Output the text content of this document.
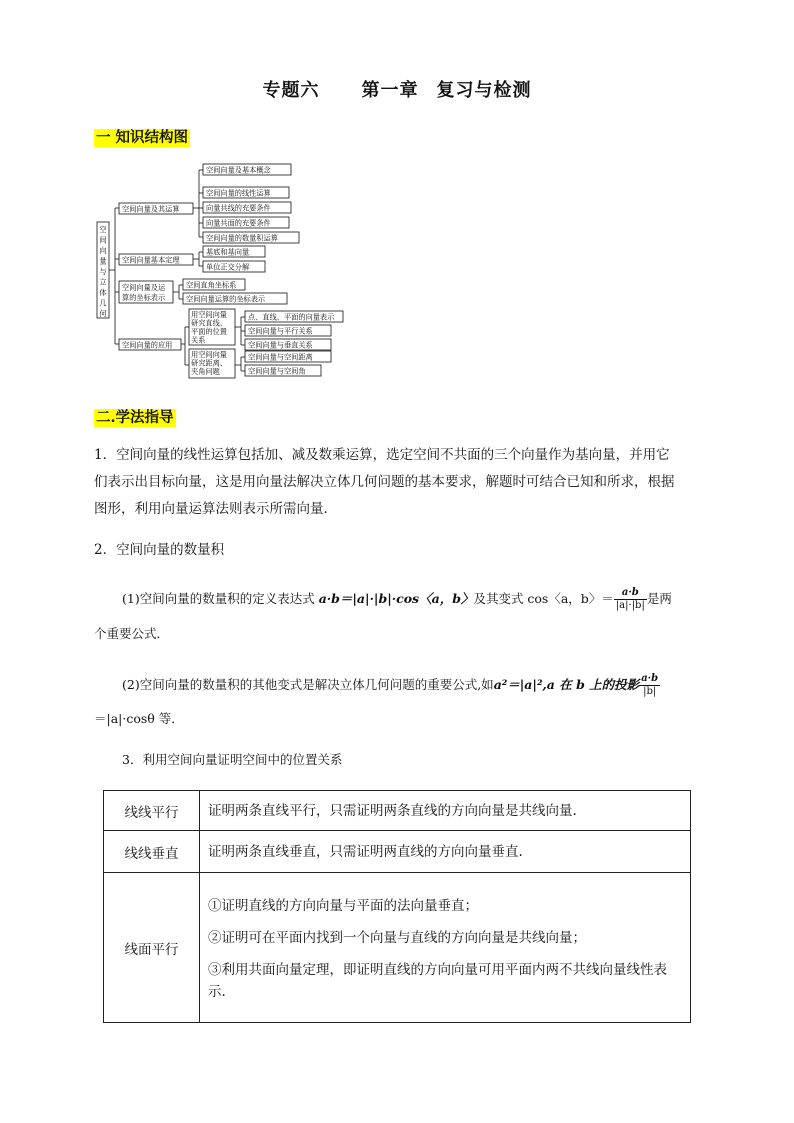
专题六 第一章 复习与检测
一 知识结构图
空
间
向
量
与
立
体
几
何
空间向量及其运算
空间向量及基本概念
空间向量的线性运算
向量共线的充要条件
向量共面的充要条件
空间向量的数量积运算
空间向量基本定理
基底和基向量
单位正交分解
空间向量及运
算的坐标表示
空间直角坐标系
空间向量运算的坐标表示
空间向量的应用
用空间向量
研究直线、
平面的位置
关系
点、直线、平面的向量表示
空间向量与平行关系
空间向量与垂直关系
用空间向量
研究距离、
夹角问题
空间向量与空间距离
空间向量与空间角
二.学法指导
1．空间向量的线性运算包括加、减及数乘运算，选定空间不共面的三个向量作为基向量，并用它
们表示出目标向量，这是用向量法解决立体几何问题的基本要求，解题时可结合已知和所求，根据
图形，利用向量运算法则表示所需向量．
2．空间向量的数量积
(1)空间向量的数量积的定义表达式 a·b＝|a|·|b|·cos〈a，b〉及其变式 cos〈a，b〉＝ $\frac{a\cdot b}{|a|\cdot|b|}$ 是两
个重要公式．
(2)空间向量的数量积的其他变式是解决立体几何问题的重要公式,如a²＝|a|²,a 在 b 上的投影 $\frac{a\cdot b}{|b|}$
＝|a|·cosθ 等．
3．利用空间向量证明空间中的位置关系
线线平行	证明两条直线平行，只需证明两条直线的方向向量是共线向量.
线线垂直	证明两条直线垂直，只需证明两直线的方向向量垂直.
线面平行	①证明直线的方向向量与平面的法向量垂直；
②证明可在平面内找到一个向量与直线的方向向量是共线向量；
③利用共面向量定理，即证明直线的方向向量可用平面内两不共线向量线性表示.
